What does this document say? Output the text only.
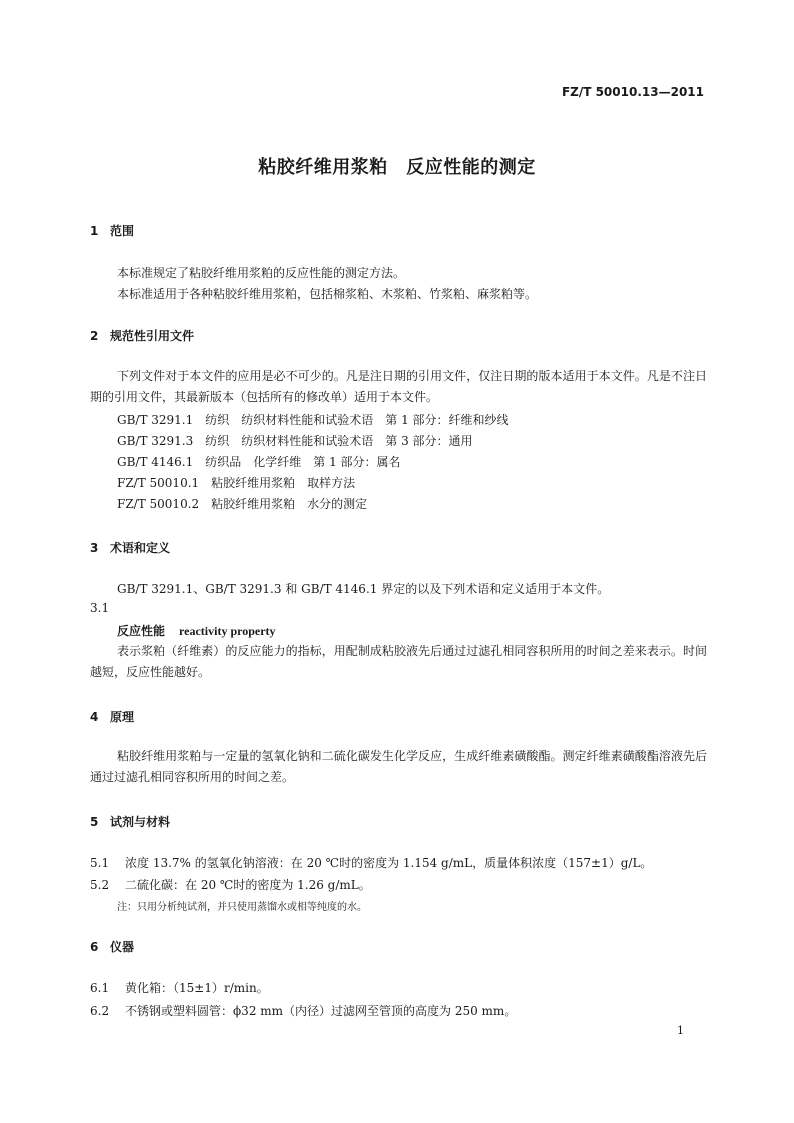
FZ/T 50010.13—2011
粘胶纤维用浆粕　反应性能的测定
1 范围
本标准规定了粘胶纤维用浆粕的反应性能的测定方法。
本标准适用于各种粘胶纤维用浆粕，包括棉浆粕、木浆粕、竹浆粕、麻浆粕等。
2 规范性引用文件
下列文件对于本文件的应用是必不可少的。凡是注日期的引用文件，仅注日期的版本适用于本文件。凡是不注日期的引用文件，其最新版本（包括所有的修改单）适用于本文件。
GB/T 3291.1　纺织　纺织材料性能和试验术语　第 1 部分：纤维和纱线
GB/T 3291.3　纺织　纺织材料性能和试验术语　第 3 部分：通用
GB/T 4146.1　纺织品　化学纤维　第 1 部分：属名
FZ/T 50010.1　粘胶纤维用浆粕　取样方法
FZ/T 50010.2　粘胶纤维用浆粕　水分的测定
3 术语和定义
GB/T 3291.1、GB/T 3291.3 和 GB/T 4146.1 界定的以及下列术语和定义适用于本文件。
3.1
反应性能 reactivity property
表示浆粕（纤维素）的反应能力的指标，用配制成粘胶液先后通过过滤孔相同容积所用的时间之差来表示。时间越短，反应性能越好。
4 原理
粘胶纤维用浆粕与一定量的氢氧化钠和二硫化碳发生化学反应，生成纤维素磺酸酯。测定纤维素磺酸酯溶液先后通过过滤孔相同容积所用的时间之差。
5 试剂与材料
5.1 浓度 13.7% 的氢氧化钠溶液：在 20 ℃时的密度为 1.154 g/mL，质量体积浓度（157±1）g/L。
5.2 二硫化碳：在 20 ℃时的密度为 1.26 g/mL。
注：只用分析纯试剂，并只使用蒸馏水或相等纯度的水。
6 仪器
6.1 黄化箱：（15±1）r/min。
6.2 不锈钢或塑料圆管：ϕ32 mm（内径）过滤网至管顶的高度为 250 mm。
1
